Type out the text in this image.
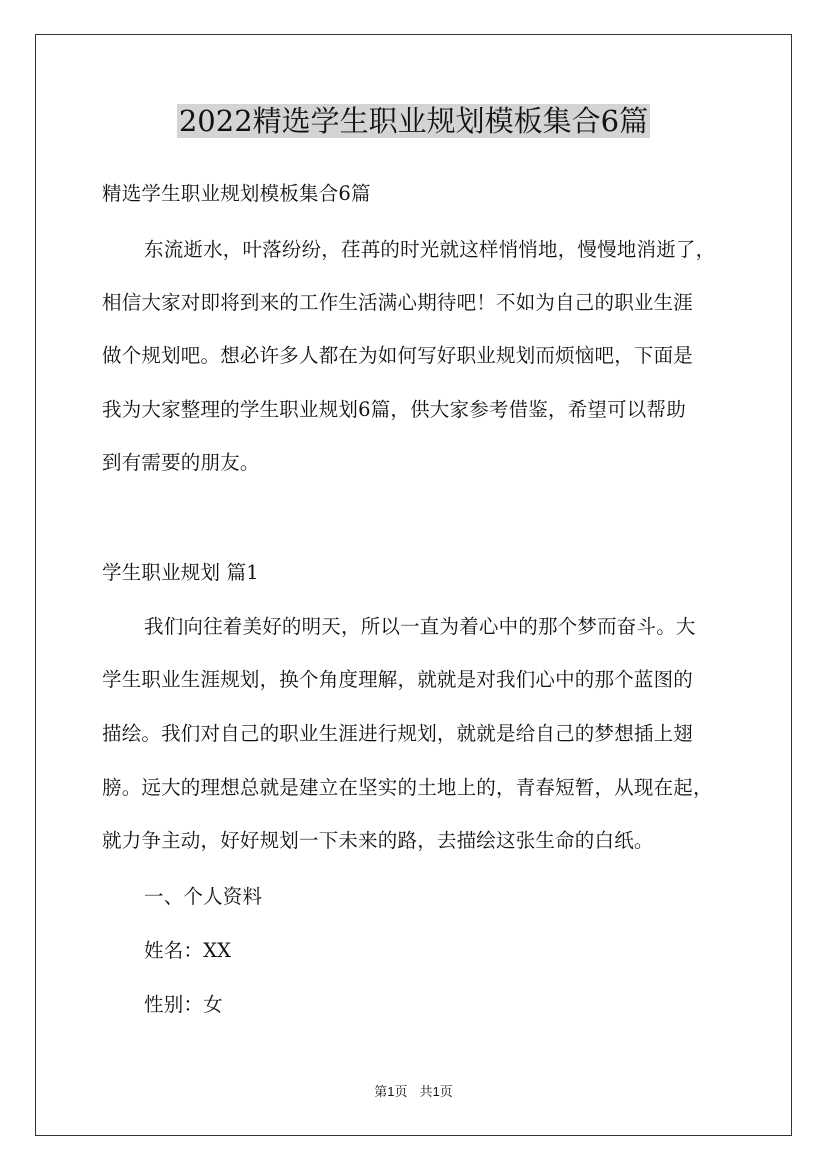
2022精选学生职业规划模板集合6篇
精选学生职业规划模板集合6篇
东流逝水，叶落纷纷，荏苒的时光就这样悄悄地，慢慢地消逝了，
相信大家对即将到来的工作生活满心期待吧！不如为自己的职业生涯
做个规划吧。想必许多人都在为如何写好职业规划而烦恼吧，下面是
我为大家整理的学生职业规划6篇，供大家参考借鉴，希望可以帮助
到有需要的朋友。
学生职业规划 篇1
我们向往着美好的明天，所以一直为着心中的那个梦而奋斗。大
学生职业生涯规划，换个角度理解，就就是对我们心中的那个蓝图的
描绘。我们对自己的职业生涯进行规划，就就是给自己的梦想插上翅
膀。远大的理想总就是建立在坚实的土地上的，青春短暂，从现在起，
就力争主动，好好规划一下未来的路，去描绘这张生命的白纸。
一、个人资料
姓名：XX
性别：女
第1页 共1页
